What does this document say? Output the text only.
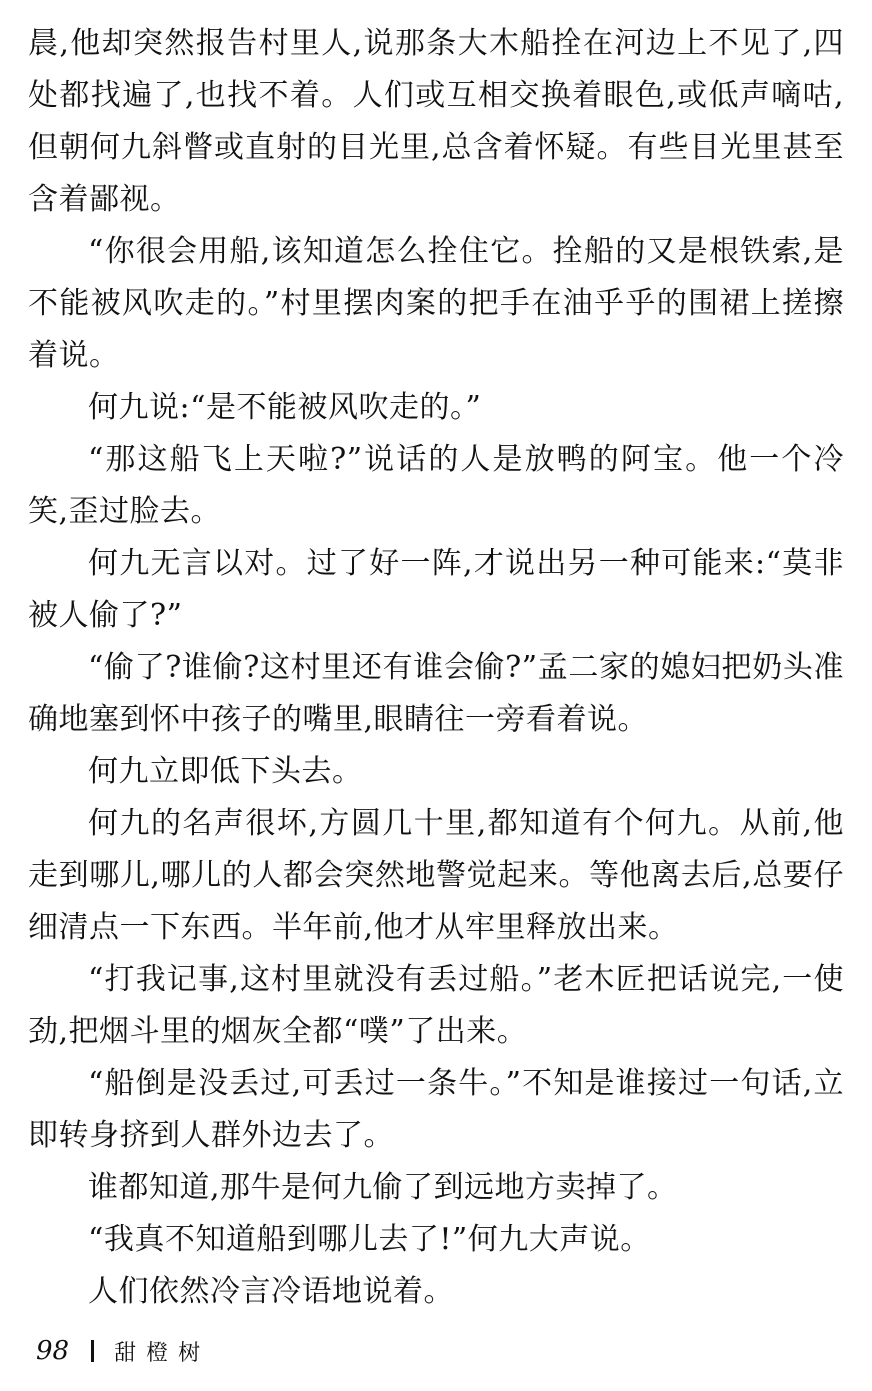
晨,他却突然报告村里人,说那条大木船拴在河边上不见了,四处都找遍了,也找不着。人们或互相交换着眼色,或低声嘀咕,但朝何九斜瞥或直射的目光里,总含着怀疑。有些目光里甚至含着鄙视。

“你很会用船,该知道怎么拴住它。拴船的又是根铁索,是不能被风吹走的。”村里摆肉案的把手在油乎乎的围裙上搓擦着说。

何九说:“是不能被风吹走的。”

“那这船飞上天啦?”说话的人是放鸭的阿宝。他一个冷笑,歪过脸去。

何九无言以对。过了好一阵,才说出另一种可能来:“莫非被人偷了?”

“偷了?谁偷?这村里还有谁会偷?”孟二家的媳妇把奶头准确地塞到怀中孩子的嘴里,眼睛往一旁看着说。

何九立即低下头去。

何九的名声很坏,方圆几十里,都知道有个何九。从前,他走到哪儿,哪儿的人都会突然地警觉起来。等他离去后,总要仔细清点一下东西。半年前,他才从牢里释放出来。

“打我记事,这村里就没有丢过船。”老木匠把话说完,一使劲,把烟斗里的烟灰全都“噗”了出来。

“船倒是没丢过,可丢过一条牛。”不知是谁接过一句话,立即转身挤到人群外边去了。

谁都知道,那牛是何九偷了到远地方卖掉了。

“我真不知道船到哪儿去了!”何九大声说。

人们依然冷言冷语地说着。

98 甜橙树
